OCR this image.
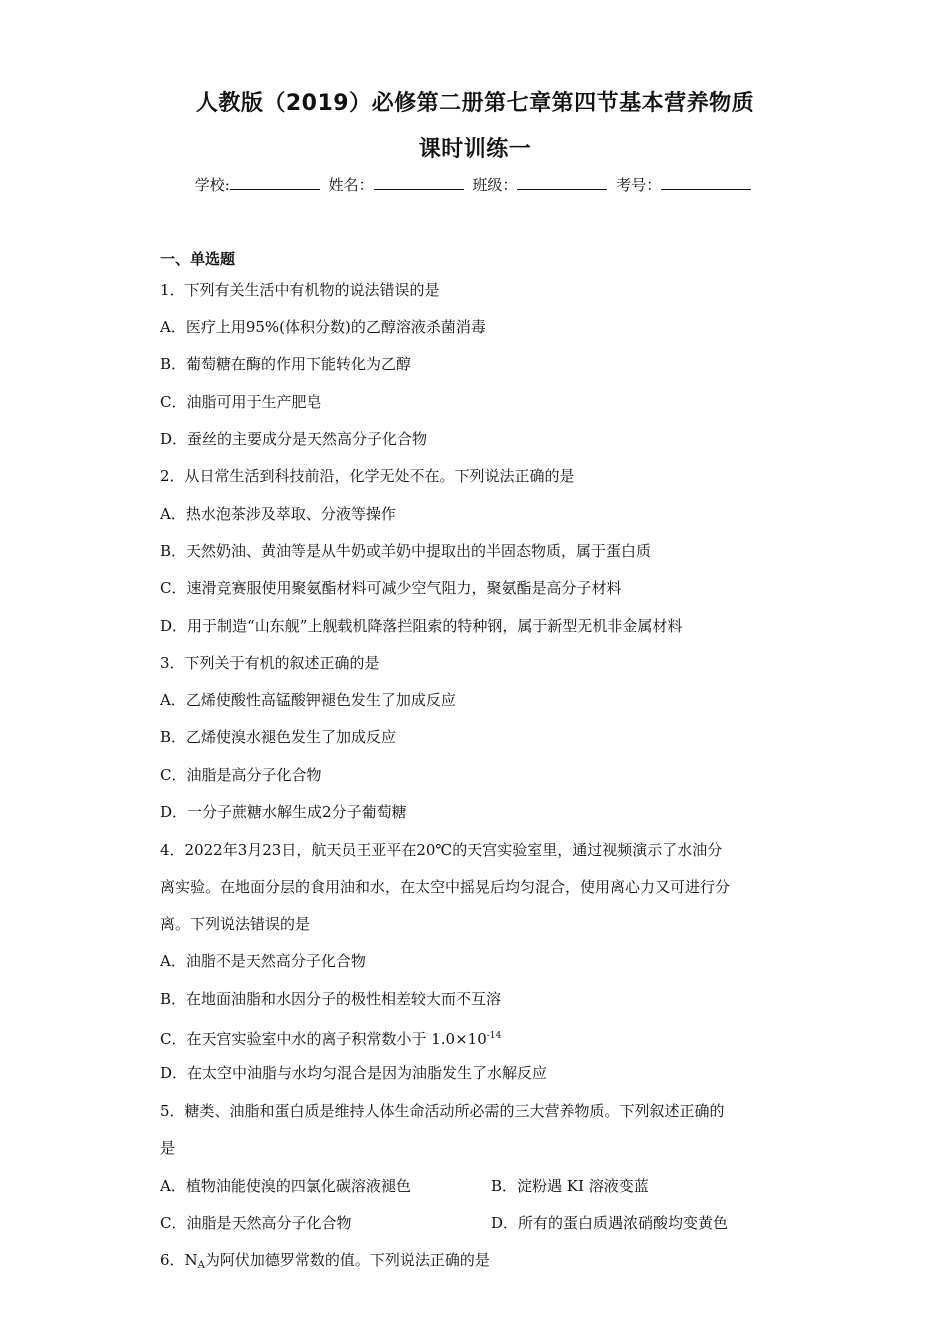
人教版（2019）必修第二册第七章第四节基本营养物质
课时训练一
学校:	姓名：	班级：	考号：
一、单选题
1．下列有关生活中有机物的说法错误的是
A．医疗上用95%(体积分数)的乙醇溶液杀菌消毒
B．葡萄糖在酶的作用下能转化为乙醇
C．油脂可用于生产肥皂
D．蚕丝的主要成分是天然高分子化合物
2．从日常生活到科技前沿，化学无处不在。下列说法正确的是
A．热水泡茶涉及萃取、分液等操作
B．天然奶油、黄油等是从牛奶或羊奶中提取出的半固态物质，属于蛋白质
C．速滑竞赛服使用聚氨酯材料可减少空气阻力，聚氨酯是高分子材料
D．用于制造“山东舰”上舰载机降落拦阻索的特种钢，属于新型无机非金属材料
3．下列关于有机的叙述正确的是
A．乙烯使酸性高锰酸钾褪色发生了加成反应
B．乙烯使溴水褪色发生了加成反应
C．油脂是高分子化合物
D．一分子蔗糖水解生成2分子葡萄糖
4．2022年3月23日，航天员王亚平在20℃的天宫实验室里，通过视频演示了水油分
离实验。在地面分层的食用油和水，在太空中摇晃后均匀混合，使用离心力又可进行分
离。下列说法错误的是
A．油脂不是天然高分子化合物
B．在地面油脂和水因分子的极性相差较大而不互溶
C．在天宫实验室中水的离子积常数小于 $1.0\times 10^{-14}$
D．在太空中油脂与水均匀混合是因为油脂发生了水解反应
5．糖类、油脂和蛋白质是维持人体生命活动所必需的三大营养物质。下列叙述正确的
是
A．植物油能使溴的四氯化碳溶液褪色	B．淀粉遇 KI 溶液变蓝
C．油脂是天然高分子化合物	D．所有的蛋白质遇浓硝酸均变黄色
6．$N_A$为阿伏加德罗常数的值。下列说法正确的是
